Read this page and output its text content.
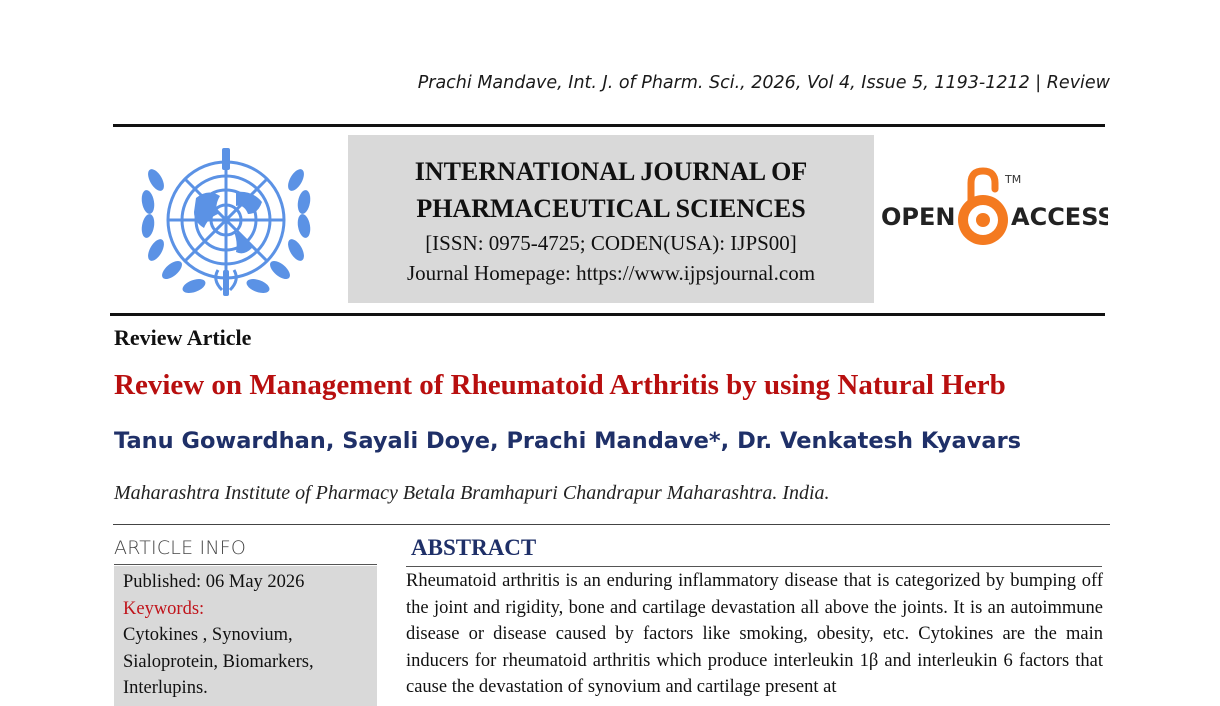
Prachi Mandave, Int. J. of Pharm. Sci., 2026, Vol 4, Issue 5, 1193-1212 | Review
INTERNATIONAL JOURNAL OF
PHARMACEUTICAL SCIENCES
[ISSN: 0975-4725; CODEN(USA): IJPS00]
Journal Homepage: https://www.ijpsjournal.com
OPEN ACCESS
TM
Review Article
Review on Management of Rheumatoid Arthritis by using Natural Herb
Tanu Gowardhan, Sayali Doye, Prachi Mandave*, Dr. Venkatesh Kyavars
Maharashtra Institute of Pharmacy Betala Bramhapuri Chandrapur Maharashtra. India.
ARTICLE INFO
Published: 06 May 2026
Keywords:
Cytokines , Synovium,
Sialoprotein, Biomarkers,
Interlupins.
ABSTRACT
Rheumatoid arthritis is an enduring inflammatory disease that is categorized by bumping off the joint and rigidity, bone and cartilage devastation all above the joints. It is an autoimmune disease or disease caused by factors like smoking, obesity, etc. Cytokines are the main inducers for rheumatoid arthritis which produce interleukin 1β and interleukin 6 factors that cause the devastation of synovium and cartilage present at
